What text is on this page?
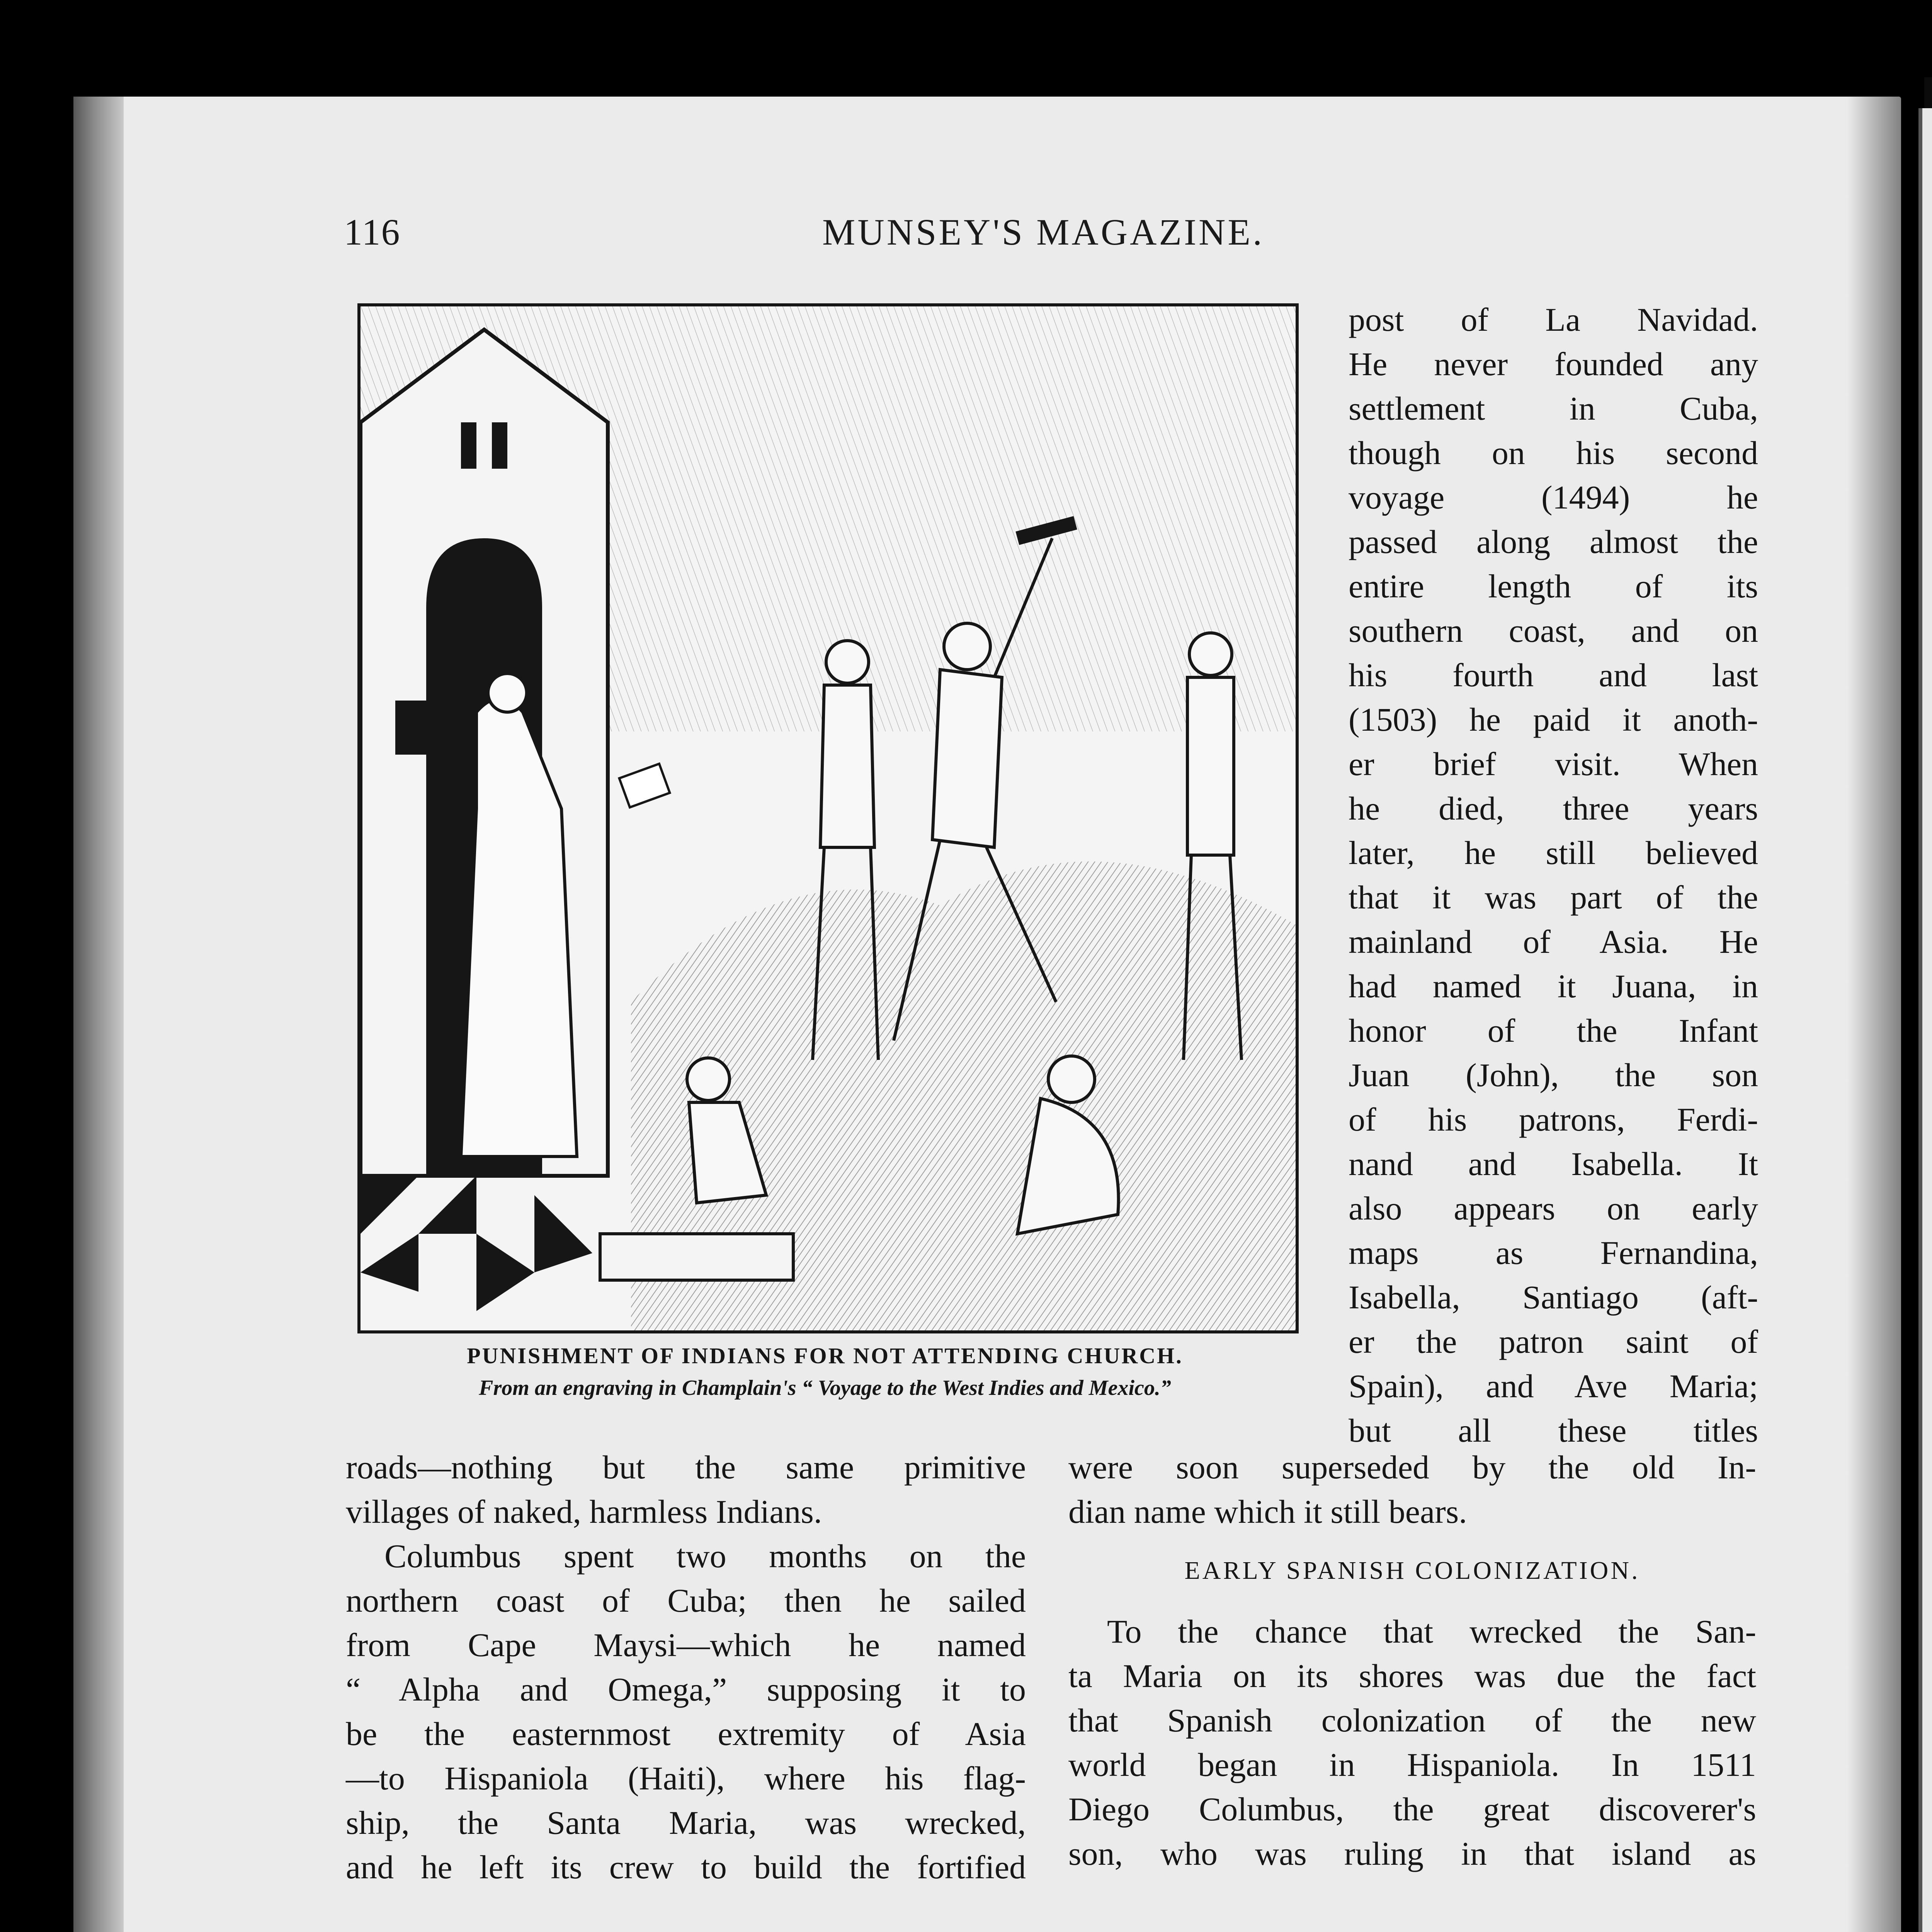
116	MUNSEY'S MAGAZINE.
PUNISHMENT OF INDIANS FOR NOT ATTENDING CHURCH.
From an engraving in Champlain's “ Voyage to the West Indies and Mexico.”

post of La Navidad.

He never founded any

settlement in Cuba,

though on his second

voyage (1494) he

passed along almost the

entire length of its

southern coast, and on

his fourth and last

(1503) he paid it anoth-

er brief visit. When

he died, three years

later, he still believed

that it was part of the

mainland of Asia. He

had named it Juana, in

honor of the Infant

Juan (John), the son

of his patrons, Ferdi-

nand and Isabella. It

also appears on early

maps as Fernandina,

Isabella, Santiago (aft-

er the patron saint of

Spain), and Ave Maria;

but all these titles

roads—nothing but the same primitive

villages of naked, harmless Indians.

Columbus spent two months on the

northern coast of Cuba; then he sailed

from Cape Maysi—which he named

“ Alpha and Omega,” supposing it to

be the easternmost extremity of Asia

—to Hispaniola (Haiti), where his flag-

ship, the Santa Maria, was wrecked,

and he left its crew to build the fortified

were soon superseded by the old In-

dian name which it still bears.

EARLY SPANISH COLONIZATION.

To the chance that wrecked the San-

ta Maria on its shores was due the fact

that Spanish colonization of the new

world began in Hispaniola. In 1511

Diego Columbus, the great discoverer's

son, who was ruling in that island as
